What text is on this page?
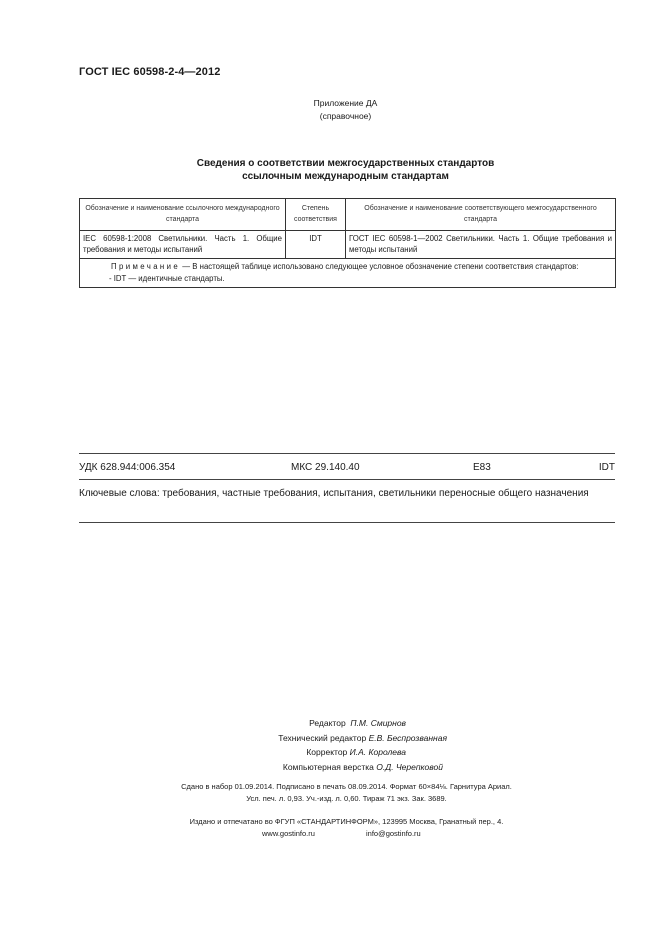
ГОСТ IEC 60598-2-4—2012
Приложение ДА
(справочное)
Сведения о соответствии межгосударственных стандартов
ссылочным международным стандартам
Обозначение и наименование ссылочного международного стандарта	Степень соответствия	Обозначение и наименование соответствующего межгосударственного стандарта
IEC 60598-1:2008 Светильники. Часть 1. Общие требования и методы испытаний	IDT	ГОСТ IEC 60598-1—2002 Светильники. Часть 1. Общие требования и методы испытаний

Примечание — В настоящей таблице использовано следующее условное обозначение степени соответствия стандартов:
- IDT — идентичные стандарты.		
УДК 628.944:006.354	МКС 29.140.40	Е83	IDT
Ключевые слова: требования, частные требования, испытания, светильники переносные общего назначения
Редактор П.М. Смирнов
Технический редактор Е.В. Беспрозванная
Корректор И.А. Королева
Компьютерная верстка О.Д. Черепковой
Сдано в набор 01.09.2014. Подписано в печать 08.09.2014. Формат 60×84⅛. Гарнитура Ариал.
Усл. печ. л. 0,93. Уч.-изд. л. 0,60. Тираж 71 экз. Зак. 3689.
Издано и отпечатано во ФГУП «СТАНДАРТИНФОРМ», 123995 Москва, Гранатный пер., 4.
www.gostinfo.ru	info@gostinfo.ru
